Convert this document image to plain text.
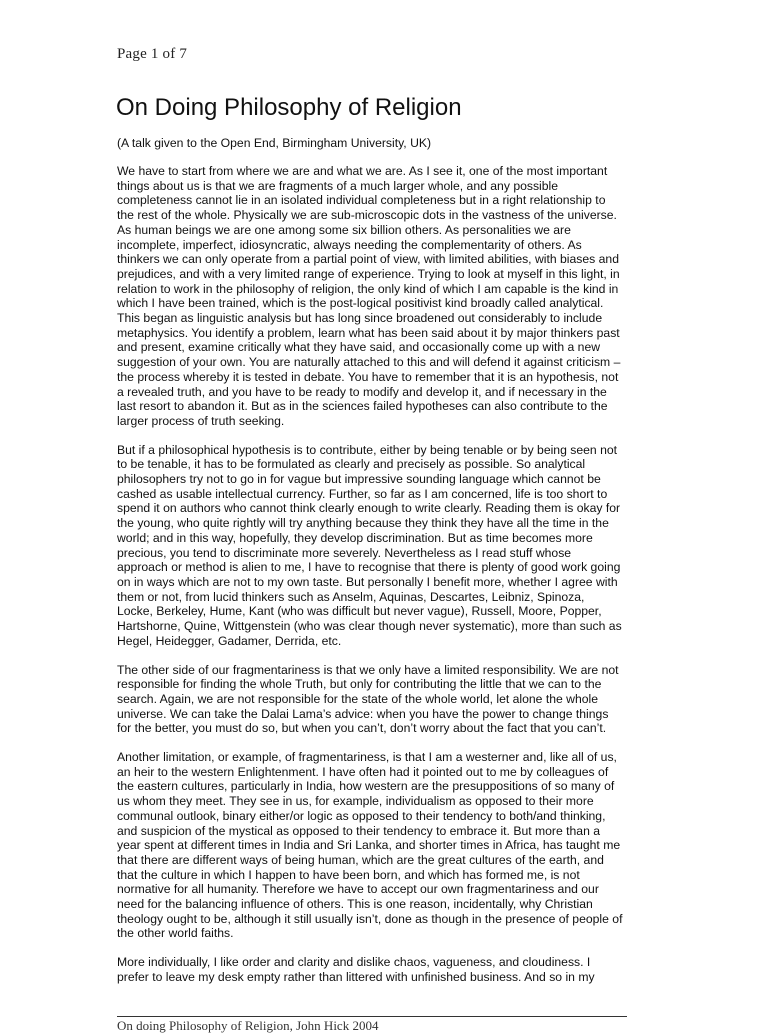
Page 1 of 7
On Doing Philosophy of Religion

(A talk given to the Open End, Birmingham University, UK)

We have to start from where we are and what we are. As I see it, one of the most important
things about us is that we are fragments of a much larger whole, and any possible
completeness cannot lie in an isolated individual completeness but in a right relationship to
the rest of the whole. Physically we are sub-microscopic dots in the vastness of the universe.
As human beings we are one among some six billion others. As personalities we are
incomplete, imperfect, idiosyncratic, always needing the complementarity of others. As
thinkers we can only operate from a partial point of view, with limited abilities, with biases and
prejudices, and with a very limited range of experience. Trying to look at myself in this light, in
relation to work in the philosophy of religion, the only kind of which I am capable is the kind in
which I have been trained, which is the post-logical positivist kind broadly called analytical.
This began as linguistic analysis but has long since broadened out considerably to include
metaphysics. You identify a problem, learn what has been said about it by major thinkers past
and present, examine critically what they have said, and occasionally come up with a new
suggestion of your own. You are naturally attached to this and will defend it against criticism –
the process whereby it is tested in debate. You have to remember that it is an hypothesis, not
a revealed truth, and you have to be ready to modify and develop it, and if necessary in the
last resort to abandon it. But as in the sciences failed hypotheses can also contribute to the
larger process of truth seeking.

But if a philosophical hypothesis is to contribute, either by being tenable or by being seen not
to be tenable, it has to be formulated as clearly and precisely as possible. So analytical
philosophers try not to go in for vague but impressive sounding language which cannot be
cashed as usable intellectual currency. Further, so far as I am concerned, life is too short to
spend it on authors who cannot think clearly enough to write clearly. Reading them is okay for
the young, who quite rightly will try anything because they think they have all the time in the
world; and in this way, hopefully, they develop discrimination. But as time becomes more
precious, you tend to discriminate more severely. Nevertheless as I read stuff whose
approach or method is alien to me, I have to recognise that there is plenty of good work going
on in ways which are not to my own taste. But personally I benefit more, whether I agree with
them or not, from lucid thinkers such as Anselm, Aquinas, Descartes, Leibniz, Spinoza,
Locke, Berkeley, Hume, Kant (who was difficult but never vague), Russell, Moore, Popper,
Hartshorne, Quine, Wittgenstein (who was clear though never systematic), more than such as
Hegel, Heidegger, Gadamer, Derrida, etc.

The other side of our fragmentariness is that we only have a limited responsibility. We are not
responsible for finding the whole Truth, but only for contributing the little that we can to the
search. Again, we are not responsible for the state of the whole world, let alone the whole
universe. We can take the Dalai Lama’s advice: when you have the power to change things
for the better, you must do so, but when you can’t, don’t worry about the fact that you can’t.

Another limitation, or example, of fragmentariness, is that I am a westerner and, like all of us,
an heir to the western Enlightenment. I have often had it pointed out to me by colleagues of
the eastern cultures, particularly in India, how western are the presuppositions of so many of
us whom they meet. They see in us, for example, individualism as opposed to their more
communal outlook, binary either/or logic as opposed to their tendency to both/and thinking,
and suspicion of the mystical as opposed to their tendency to embrace it. But more than a
year spent at different times in India and Sri Lanka, and shorter times in Africa, has taught me
that there are different ways of being human, which are the great cultures of the earth, and
that the culture in which I happen to have been born, and which has formed me, is not
normative for all humanity. Therefore we have to accept our own fragmentariness and our
need for the balancing influence of others. This is one reason, incidentally, why Christian
theology ought to be, although it still usually isn’t, done as though in the presence of people of
the other world faiths.

More individually, I like order and clarity and dislike chaos, vagueness, and cloudiness. I
prefer to leave my desk empty rather than littered with unfinished business. And so in my

On doing Philosophy of Religion, John Hick 2004
